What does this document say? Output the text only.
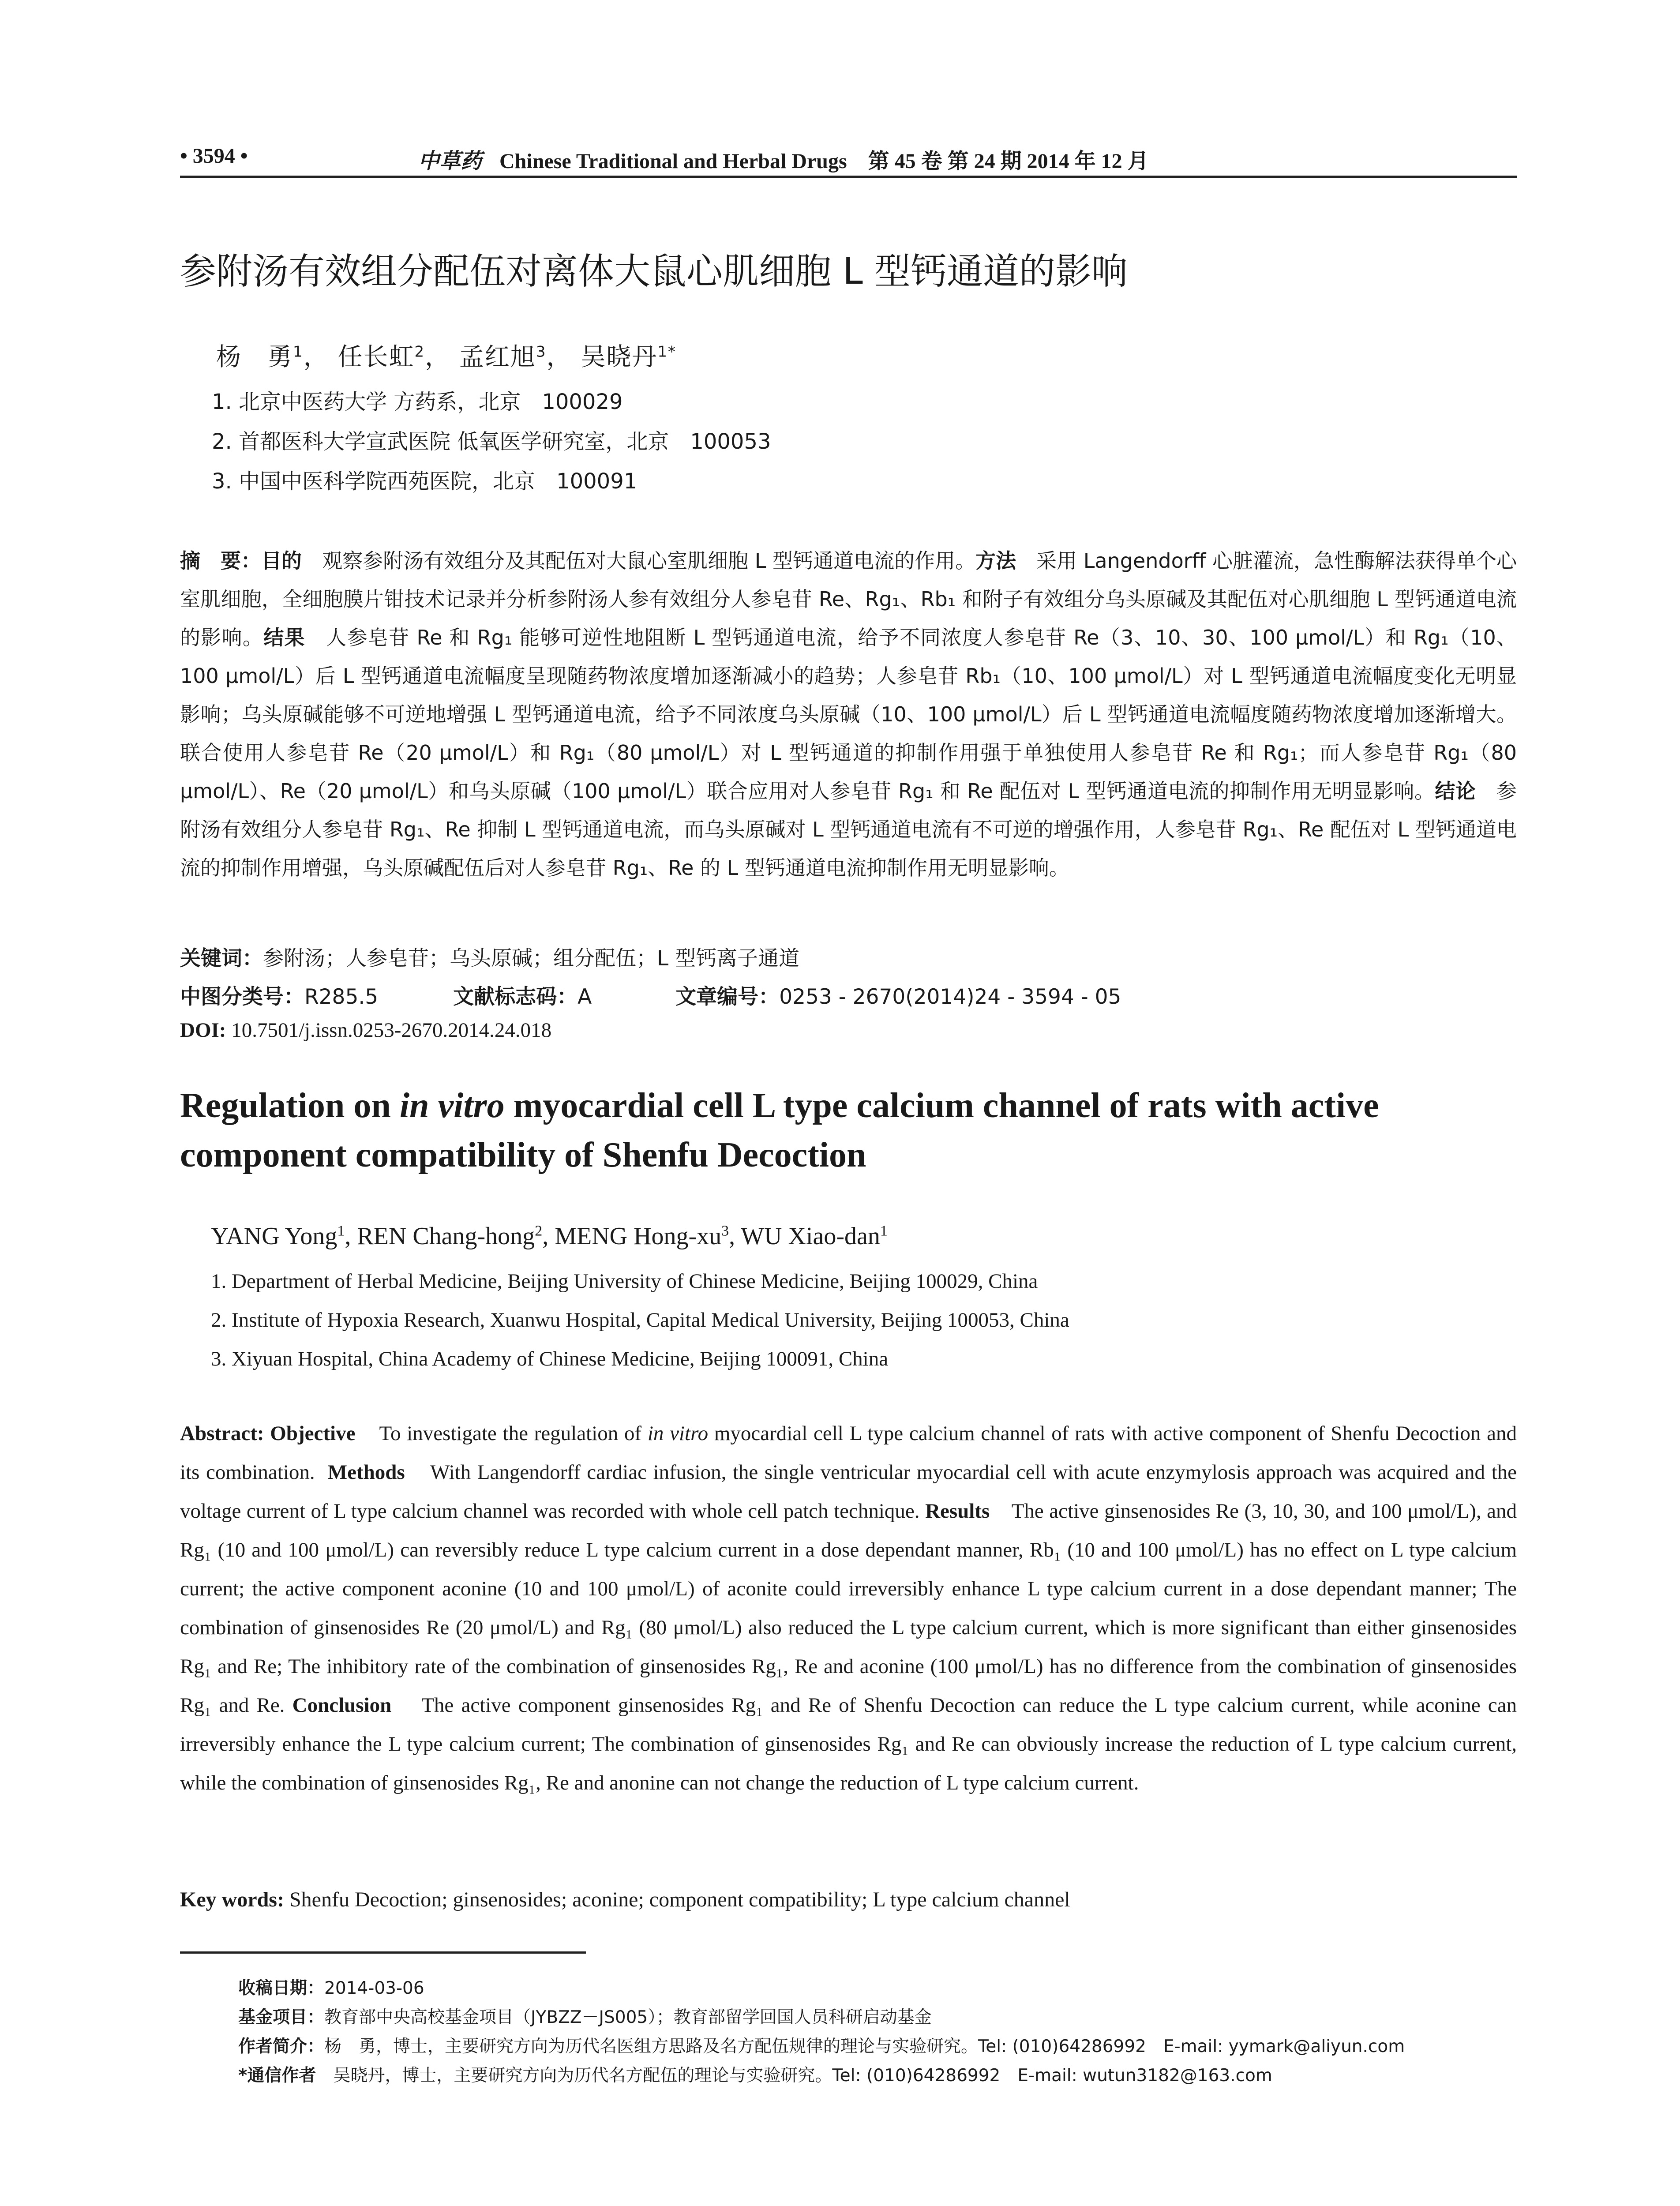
• 3594 •	中草药 Chinese Traditional and Herbal Drugs　第 45 卷 第 24 期 2014 年 12 月
参附汤有效组分配伍对离体大鼠心肌细胞 L 型钙通道的影响
杨　勇$^1$， 任长虹$^2$， 孟红旭$^3$， 吴晓丹$^{1*}$
1. 北京中医药大学 方药系，北京　100029
2. 首都医科大学宣武医院 低氧医学研究室，北京　100053
3. 中国中医科学院西苑医院，北京　100091
摘　要：目的　 观察参附汤有效组分及其配伍对大鼠心室肌细胞 L 型钙通道电流的作用。方法　 采用 Langendorff 心脏灌流，急性酶解法获得单个心室肌细胞，全细胞膜片钳技术记录并分析参附汤人参有效组分人参皂苷 Re、Rg₁、Rb₁ 和附子有效组分乌头原碱及其配伍对心肌细胞 L 型钙通道电流的影响。结果　 人参皂苷 Re 和 Rg₁ 能够可逆性地阻断 L 型钙通道电流，给予不同浓度人参皂苷 Re（3、10、30、100 μmol/L）和 Rg₁（10、100 μmol/L）后 L 型钙通道电流幅度呈现随药物浓度增加逐渐减小的趋势；人参皂苷 Rb₁（10、100 μmol/L）对 L 型钙通道电流幅度变化无明显影响；乌头原碱能够不可逆地增强 L 型钙通道电流，给予不同浓度乌头原碱（10、100 μmol/L）后 L 型钙通道电流幅度随药物浓度增加逐渐增大。联合使用人参皂苷 Re（20 μmol/L）和 Rg₁（80 μmol/L）对 L 型钙通道的抑制作用强于单独使用人参皂苷 Re 和 Rg₁；而人参皂苷 Rg₁（80 μmol/L）、Re（20 μmol/L）和乌头原碱（100 μmol/L）联合应用对人参皂苷 Rg₁ 和 Re 配伍对 L 型钙通道电流的抑制作用无明显影响。结论　 参附汤有效组分人参皂苷 Rg₁、Re 抑制 L 型钙通道电流，而乌头原碱对 L 型钙通道电流有不可逆的增强作用，人参皂苷 Rg₁、Re 配伍对 L 型钙通道电流的抑制作用增强，乌头原碱配伍后对人参皂苷 Rg₁、Re 的 L 型钙通道电流抑制作用无明显影响。
关键词：参附汤；人参皂苷；乌头原碱；组分配伍；L 型钙离子通道
中图分类号：R285.5	文献标志码：A	文章编号：0253 - 2670(2014)24 - 3594 - 05
DOI: 10.7501/j.issn.0253-2670.2014.24.018
Regulation on in vitro myocardial cell L type calcium channel of rats with active component compatibility of Shenfu Decoction
YANG Yong$^1$, REN Chang-hong$^2$, MENG Hong-$xu^3$, WU Xiao-dan$^1$
1. Department of Herbal Medicine, Beijing University of Chinese Medicine, Beijing 100029, China
2. Institute of Hypoxia Research, Xuanwu Hospital, Capital Medical University, Beijing 100053, China
3. Xiyuan Hospital, China Academy of Chinese Medicine, Beijing 100091, China
Abstract: Objective To investigate the regulation of in vitro myocardial cell L type calcium channel of rats with active component of Shenfu Decoction and its combination. Methods With Langendorff cardiac infusion, the single ventricular myocardial cell with acute enzymylosis approach was acquired and the voltage current of L type calcium channel was recorded with whole cell patch technique. Results The active ginsenosides Re (3, 10, 30, and 100 μmol/L), and Rg₁ (10 and 100 μmol/L) can reversibly reduce L type calcium current in a dose dependant manner, Rb₁ (10 and 100 μmol/L) has no effect on L type calcium current; the active component aconine (10 and 100 μmol/L) of aconite could irreversibly enhance L type calcium current in a dose dependant manner; The combination of ginsenosides Re (20 μmol/L) and Rg₁ (80 μmol/L) also reduced the L type calcium current, which is more significant than either ginsenosides Rg₁ and Re; The inhibitory rate of the combination of ginsenosides Rg₁, Re and aconine (100 μmol/L) has no difference from the combination of ginsenosides Rg₁ and Re. Conclusion The active component ginsenosides Rg₁ and Re of Shenfu Decoction can reduce the L type calcium current, while aconine can irreversibly enhance the L type calcium current; The combination of ginsenosides Rg₁ and Re can obviously increase the reduction of L type calcium current, while the combination of ginsenosides Rg₁, Re and anonine can not change the reduction of L type calcium current.
Key words: Shenfu Decoction; ginsenosides; aconine; component compatibility; L type calcium channel
收稿日期：2014-03-06
基金项目：教育部中央高校基金项目（JYBZZ－JS005）；教育部留学回国人员科研启动基金
作者简介：杨　勇，博士，主要研究方向为历代名医组方思路及名方配伍规律的理论与实验研究。Tel: (010)64286992　E-mail: yymark@aliyun.com
*通信作者　 吴晓丹，博士，主要研究方向为历代名方配伍的理论与实验研究。Tel: (010)64286992　E-mail: wutun3182@163.com
